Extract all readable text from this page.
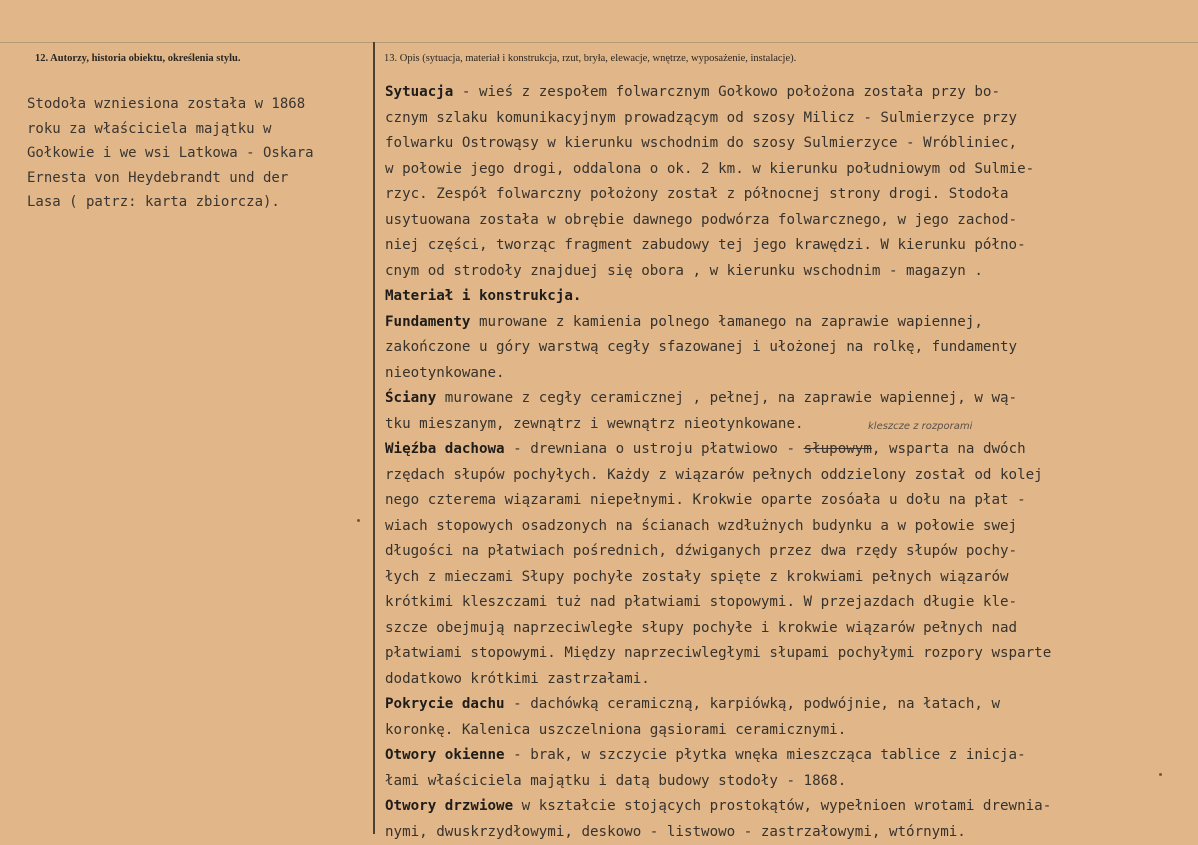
12. Autorzy, historia obiektu, określenia stylu.	13. Opis (sytuacja, materiał i konstrukcja, rzut, bryła, elewacje, wnętrze, wyposażenie, instalacje).
Stodoła wzniesiona została w 1868
roku za właściciela majątku w
Gołkowie i we wsi Latkowa - Oskara
Ernesta von Heydebrandt und der
Lasa ( patrz: karta zbiorcza).
Sytuacja - wieś z zespołem folwarcznym Gołkowo położona została przy bo-
cznym szlaku komunikacyjnym prowadzącym od szosy Milicz - Sulmierzyce przy
folwarku Ostrowąsy w kierunku wschodnim do szosy Sulmierzyce - Wróbliniec,
w połowie jego drogi, oddalona o ok. 2 km. w kierunku południowym od Sulmie-
rzyc. Zespół folwarczny położony został z północnej strony drogi. Stodoła
usytuowana została w obrębie dawnego podwórza folwarcznego, w jego zachod-
niej części, tworząc fragment zabudowy tej jego krawędzi. W kierunku półno-
cnym od strodoły znajduej się obora , w kierunku wschodnim - magazyn .
Materiał i konstrukcja.
Fundamenty murowane z kamienia polnego łamanego na zaprawie wapiennej,
zakończone u góry warstwą cegły sfazowanej i ułożonej na rolkę, fundamenty
nieotynkowane.
Ściany murowane z cegły ceramicznej , pełnej, na zaprawie wapiennej, w wą-
tku mieszanym, zewnątrz i wewnątrz nieotynkowane.
Więźba dachowa - drewniana o ustroju płatwiowo - słupowym, wsparta na dwóch
rzędach słupów pochyłych. Każdy z wiązarów pełnych oddzielony został od kolej
nego czterema wiązarami niepełnymi. Krokwie oparte zosóała u dołu na płat -
wiach stopowych osadzonych na ścianach wzdłużnych budynku a w połowie swej
długości na płatwiach pośrednich, dźwiganych przez dwa rzędy słupów pochy-
łych z mieczami Słupy pochyłe zostały spięte z krokwiami pełnych wiązarów
krótkimi kleszczami tuż nad płatwiami stopowymi. W przejazdach długie kle-
szcze obejmują naprzeciwległe słupy pochyłe i krokwie wiązarów pełnych nad
płatwiami stopowymi. Między naprzeciwległymi słupami pochyłymi rozpory wsparte
dodatkowo krótkimi zastrzałami.
Pokrycie dachu - dachówką ceramiczną, karpiówką, podwójnie, na łatach, w
koronkę. Kalenica uszczelniona gąsiorami ceramicznymi.
Otwory okienne - brak, w szczycie płytka wnęka mieszcząca tablice z inicja-
łami właściciela majątku i datą budowy stodoły - 1868.
Otwory drzwiowe w kształcie stojących prostokątów, wypełnioen wrotami drewnia-
nymi, dwuskrzydłowymi, deskowo - listwowo - zastrzałowymi, wtórnymi.
kleszcze z rozporami
